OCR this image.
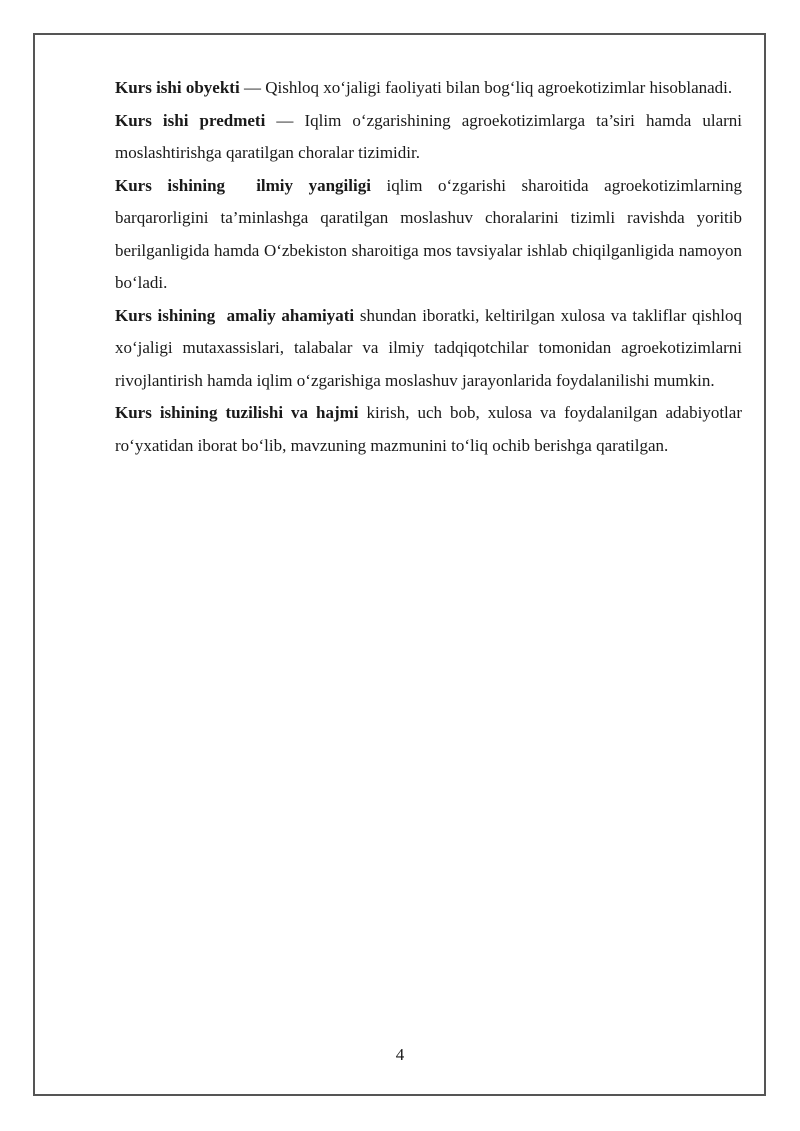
Kurs ishi obyekti — Qishloq xo‘jaligi faoliyati bilan bog‘liq agroekotizimlar hisoblanadi.

Kurs ishi predmeti — Iqlim o‘zgarishining agroekotizimlarga ta’siri hamda ularni moslashtirishga qaratilgan choralar tizimidir.

Kurs ishining  ilmiy yangiligi iqlim o‘zgarishi sharoitida agroekotizimlarning barqarorligini ta’minlashga qaratilgan moslashuv choralarini tizimli ravishda yoritib berilganligida hamda O‘zbekiston sharoitiga mos tavsiyalar ishlab chiqilganligida namoyon bo‘ladi.

Kurs ishining  amaliy ahamiyati shundan iboratki, keltirilgan xulosa va takliflar qishloq xo‘jaligi mutaxassislari, talabalar va ilmiy tadqiqotchilar tomonidan agroekotizimlarni rivojlantirish hamda iqlim o‘zgarishiga moslashuv jarayonlarida foydalanilishi mumkin.

Kurs ishining tuzilishi va hajmi kirish, uch bob, xulosa va foydalanilgan adabiyotlar ro‘yxatidan iborat bo‘lib, mavzuning mazmunini to‘liq ochib berishga qaratilgan.

4
